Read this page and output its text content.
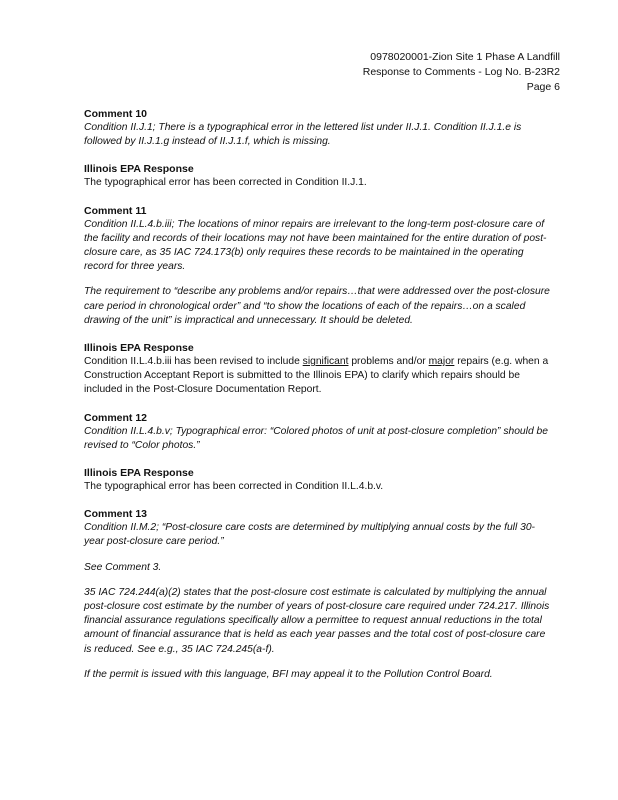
0978020001-Zion Site 1 Phase A Landfill
Response to Comments - Log No. B-23R2
Page 6
Comment 10
Condition II.J.1; There is a typographical error in the lettered list under II.J.1. Condition II.J.1.e is followed by II.J.1.g instead of II.J.1.f, which is missing.
Illinois EPA Response
The typographical error has been corrected in Condition II.J.1.
Comment 11
Condition II.L.4.b.iii; The locations of minor repairs are irrelevant to the long-term post-closure care of the facility and records of their locations may not have been maintained for the entire duration of post-closure care, as 35 IAC 724.173(b) only requires these records to be maintained in the operating record for three years.
The requirement to “describe any problems and/or repairs…that were addressed over the post-closure care period in chronological order” and “to show the locations of each of the repairs…on a scaled drawing of the unit” is impractical and unnecessary. It should be deleted.
Illinois EPA Response
Condition II.L.4.b.iii has been revised to include significant problems and/or major repairs (e.g. when a Construction Acceptant Report is submitted to the Illinois EPA) to clarify which repairs should be included in the Post-Closure Documentation Report.
Comment 12
Condition II.L.4.b.v; Typographical error: “Colored photos of unit at post-closure completion” should be revised to “Color photos.”
Illinois EPA Response
The typographical error has been corrected in Condition II.L.4.b.v.
Comment 13
Condition II.M.2; “Post-closure care costs are determined by multiplying annual costs by the full 30-year post-closure care period.”
See Comment 3.
35 IAC 724.244(a)(2) states that the post-closure cost estimate is calculated by multiplying the annual post-closure cost estimate by the number of years of post-closure care required under 724.217. Illinois financial assurance regulations specifically allow a permittee to request annual reductions in the total amount of financial assurance that is held as each year passes and the total cost of post-closure care is reduced. See e.g., 35 IAC 724.245(a-f).
If the permit is issued with this language, BFI may appeal it to the Pollution Control Board.
